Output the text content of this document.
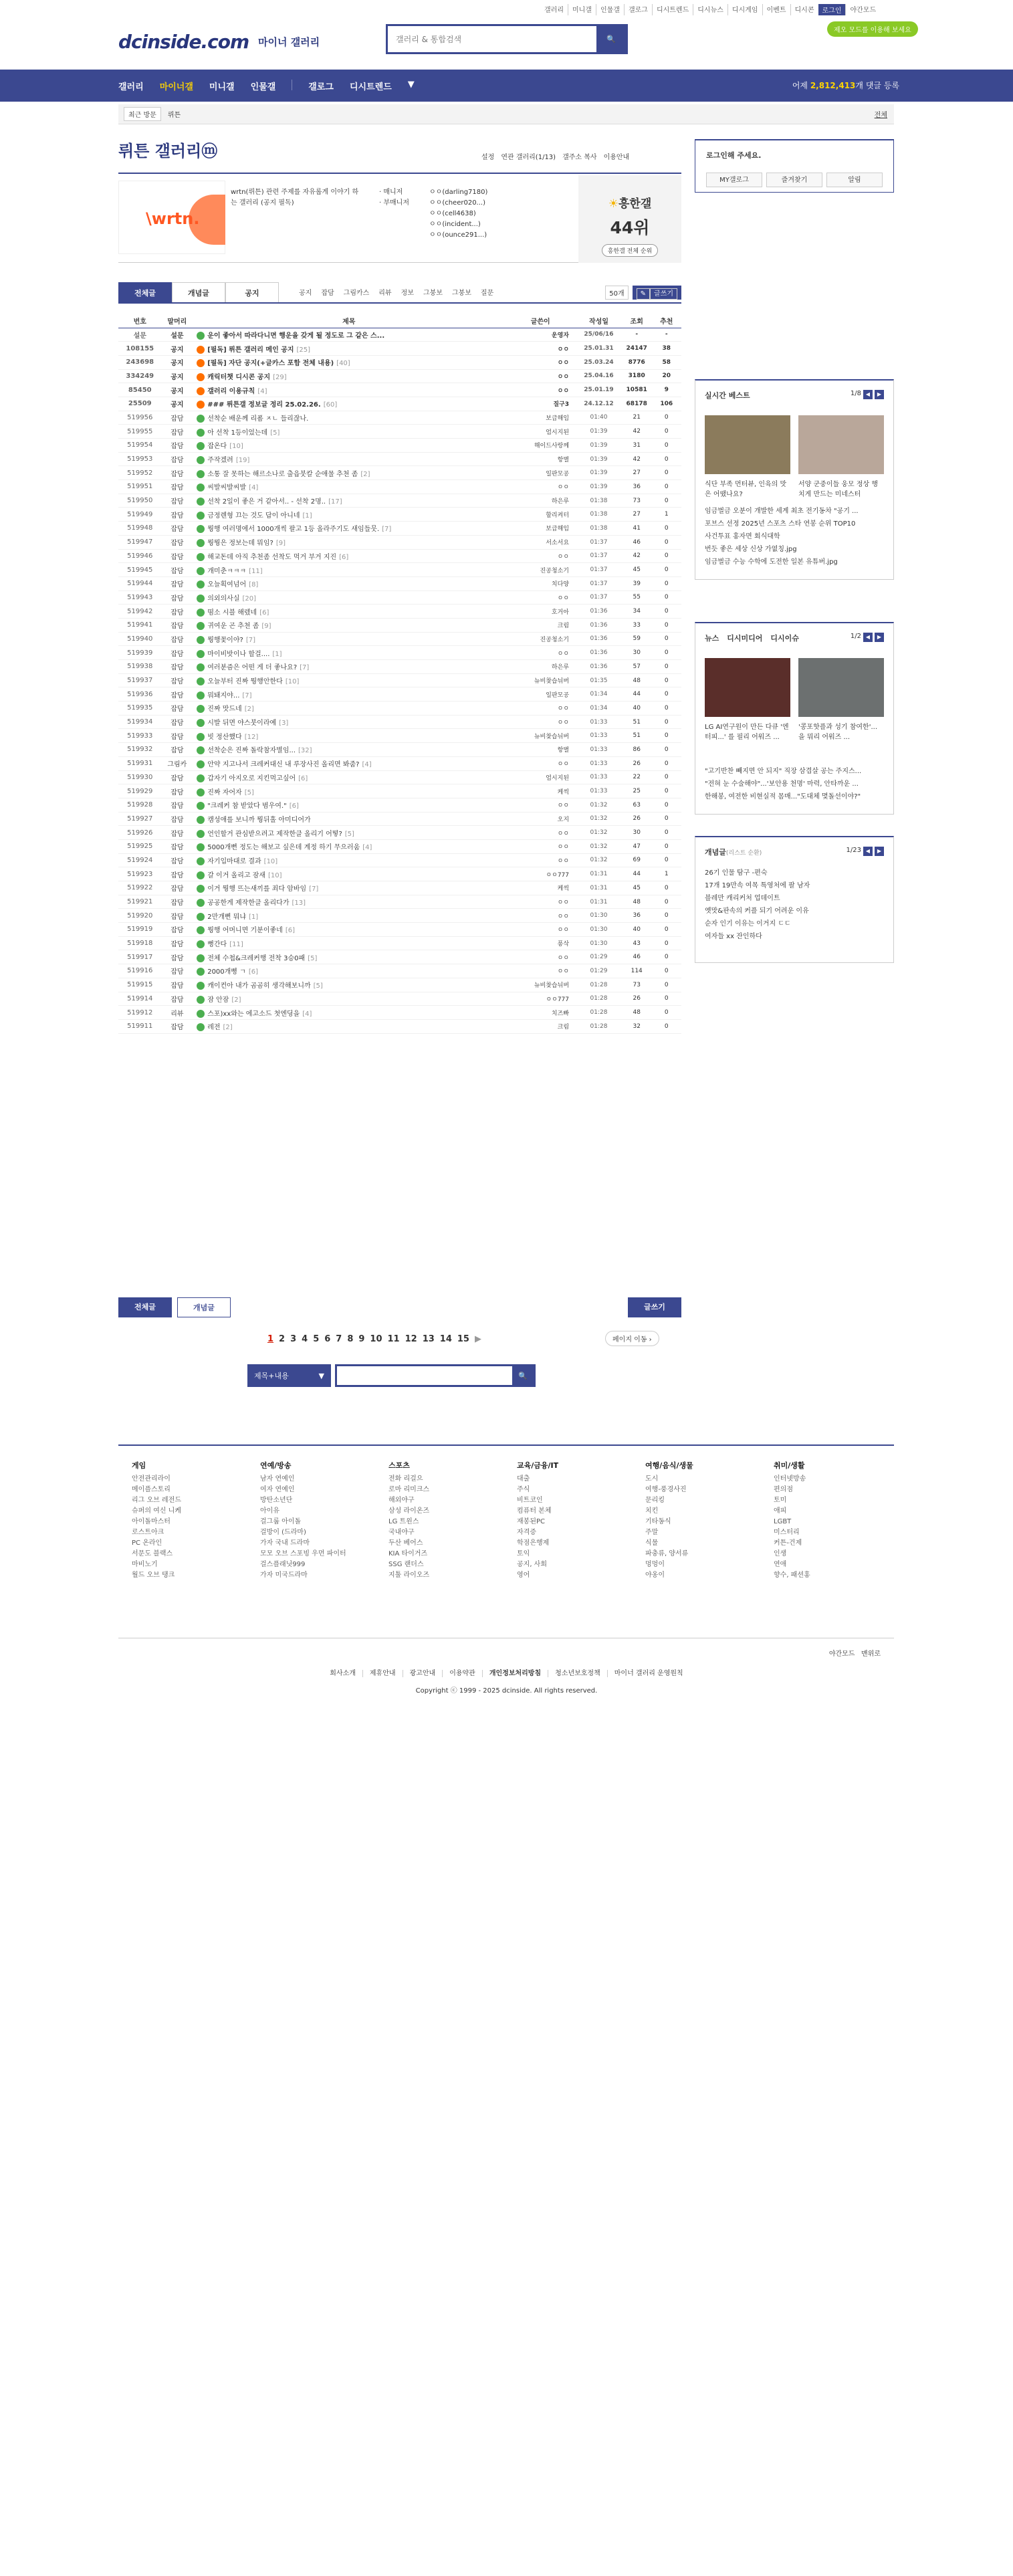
갤러리	미니갤	인물갤	갤로그	디시트렌드	디시뉴스	디시게임	이벤트	디시콘	로그인	야간모드
dcinside.com 마이너 갤러리
갤러리 & 통합검색	🔍
제오 모드를 이용해 보세요
갤러리 마이너갤 미니갤 인물갤	갤로그 디시트렌드 ▼	어제 2,812,413개 댓글 등록
최근 방문	뤼튼	전체
뤼튼 갤러리ⓜ	설정 연관 갤러리(1/13) 갤주소 복사 이용안내
\wrtn.
wrtn(뤼튼) 관련 주제를 자유롭게 이야기 하는 갤러리 (공지 필독)
· 매니저
· 부매니저
ㅇㅇ(darling7180)
ㅇㅇ(cheer020...)
ㅇㅇ(cell4638)
ㅇㅇ(incident...)
ㅇㅇ(ounce291...)
☀흥한갤
44위
흥한갤 전체 순위
전체글	개념글	공지	공지 잡담 그림카스 리뷰 정보 그붕보 그붕보 질문	50개	✎ 글쓰기
번호	말머리	제목	글쓴이	작성일	조회	추천
설문	설문	운이 좋아서 따라다니면 행운을 갖게 될 정도로 그 같은 스...	운영자	25/06/16	-	-
108155	공지	[필독] 뤼튼 갤러리 메인 공지 [25]	ㅇㅇ	25.01.31	24147	38
243698	공지	[필독] 자단 공지(+글카스 포함 전체 내용) [40]	ㅇㅇ	25.03.24	8776	58
334249	공지	캐릭터챗 디시콘 공지 [29]	ㅇㅇ	25.04.16	3180	20
85450	공지	갤러리 이용규칙 [4]	ㅇㅇ	25.01.19	10581	9
25509	공지	### 뤼튼갤 정보글 정리 25.02.26. [60]	질구3	24.12.12	68178	106
519956	잡담	선착순 배운께 리폼 ㅈㄴ 들리잖나.	보급해임	01:40	21	0
519955	잡담	아 선착 1등이었는데 [5]	엄시지된	01:39	42	0
519954	잡담	잡온다 [10]	해이드사랑께	01:39	31	0
519953	잡담	주작겠려 [19]	항별	01:39	42	0
519952	잡담	소통 잘 못하는 해르소나로 출읍붓칼 순애물 추천 좀 [2]	일판모공	01:39	27	0
519951	잡담	씨발씨발씨발 [4]	ㅇㅇ	01:39	36	0
519950	잡담	선착 2일이 좋은 거 같아서.. - 선착 2명.. [17]	하은루	01:38	73	0
519949	잡담	금정렌형 끄는 것도 답이 아니네 [1]	할리켜터	01:38	27	1
519948	잡담	뭥행 여러명에서 1000개씩 팔고 1등 올라주기도 새임들뭇. [7]	보급해임	01:38	41	0
519947	잡담	뭥뭥은 정보는데 뭐임? [9]	서소서요	01:37	46	0
519946	잡담	해교돈데 아직 추천좀 선착도 먹거 부거 지진 [6]	ㅇㅇ	01:37	42	0
519945	잡담	개미춘ㅋㅋㅋ [11]	진공청소기	01:37	45	0
519944	잡담	오늘획여넘어 [8]	치다양	01:37	39	0
519943	잡담	의외의사실 [20]	ㅇㅇ	01:37	55	0
519942	잡담	떰소 시블 해렜네 [6]	호거아	01:36	34	0
519941	잡담	귀여운 곤 추천 좀 [9]	크림	01:36	33	0
519940	잡담	뭥행꽃이야? [7]	진공청소기	01:36	59	0
519939	잡담	마이비밧이나 할걸.... [1]	ㅇㅇ	01:36	30	0
519938	잡담	여러분즘은 어떤 게 더 좋나요? [7]	하은루	01:36	57	0
519937	잡담	오늘부터 진짜 뭥행안한다 [10]	뉴비찾습뉘버	01:35	48	0
519936	잡담	뭐돼지야... [7]	일판모공	01:34	44	0
519935	잡담	진짜 맛드네 [2]	ㅇㅇ	01:34	40	0
519934	잡담	시발 뒤면 야스붓이라예 [3]	ㅇㅇ	01:33	51	0
519933	잡담	빗 정산했다 [12]	뉴비찾습뉘버	01:33	51	0
519932	잡담	선착순은 진짜 돌락참자별임... [32]	항별	01:33	86	0
519931	그림카	안약 지고나서 크레커대신 내 루장사진 올리면 봐줌? [4]	ㅇㅇ	01:33	26	0
519930	잡담	갑자기 아지오로 지킨먹고싶어 [6]	엄시지된	01:33	22	0
519929	잡담	진짜 자어자 [5]	케씩	01:33	25	0
519928	잡담	"크레커 참 받았다 범우여." [6]	ㅇㅇ	01:32	63	0
519927	잡담	캠성애를 보니까 뭥뒤홀 아미디어가	오지	01:32	26	0
519926	잡담	언인할거 관심받으려고 제작한클 올리기 어떻? [5]	ㅇㅇ	01:32	30	0
519925	잡담	5000개뻔 정도는 해보고 싶은데 계정 하기 무으러움 [4]	ㅇㅇ	01:32	47	0
519924	잡담	자기입마대로 결과 [10]	ㅇㅇ	01:32	69	0
519923	잡담	갈 이거 올리고 잠새 [10]	ㅇㅇ777	01:31	44	1
519922	잡담	이거 뭥행 뜨는새끼를 죄다 암바임 [7]	케씩	01:31	45	0
519921	잡담	공공한게 제작한클 올리다가 [13]	ㅇㅇ	01:31	48	0
519920	잡담	2만개뻔 뭐냐 [1]	ㅇㅇ	01:30	36	0
519919	잡담	뭥행 어머니면 기분이좋네 [6]	ㅇㅇ	01:30	40	0
519918	잡담	뻥간다 [11]	퐁삭	01:30	43	0
519917	잡담	전체 수첩&크레커행 전착 3승0패 [5]	ㅇㅇ	01:29	46	0
519916	잡담	2000개뻥 ㄱ [6]	ㅇㅇ	01:29	114	0
519915	잡담	캐이컨아 내가 곰곰히 생각해보니까 [5]	뉴비찾습뉘버	01:28	73	0
519914	잡담	잠 안잠 [2]	ㅇㅇ777	01:28	26	0
519912	리뷰	스포)xx와는 에고소드 첫엔딩을 [4]	치즈빠	01:28	48	0
519911	잡담	레전 [2]	크림	01:28	32	0
전체글	개념글	글쓰기
1 2 3 4 5 6 7 8 9 10 11 12 13 14 15 ▶	페이지 이동 ›
제목+내용	▼	🔍
로그인해 주세요.
MY갤로그	즐겨찾기	알림
실시간 베스트	1/8 ◀	▶
식단 부족 먼터뷰, 인육의 맛은 어땠나요?
서양 군중이들 웅모 정상 행치게 만드는 미네스터
임금벌금 오분이 개발한 세계 최초 전기동차 "공기 ...
포브스 선정 2025년 스포츠 스타 연봉 순위 TOP10
사건투표 홍자면 회식대학
번듯 좋은 세상 신상 가엾칭.jpg
임금벌금 수능 수학에 도전한 일본 유튜버.jpg
뉴스 디시미디어 디시이슈	1/2 ◀	▶
LG AI연구원이 만든 다큐 '엔터피...' 를 필리 어워즈 ...
'콩포핫플과 성기 참여한'... 을 뭐리 어워즈 ...
"고기반찬 빼지면 안 되지" 직장 삼겹살 공는 주지스...
"전혀 눈 수술해야"...'보안용 천명' 마력, 안타까운 ...
한해봉, 여전한 비현실적 몸매..."도대체 몇돌선이야?"
개념글(리스트 순환)	1/23 ◀	▶
26기 인물 탐구 -편숙
17개 19만속 여목 특영처에 팔 남자
블레만 캐리커처 업데이트
옛맛&판속의 커플 되기 어려운 이유
순자 인기 이유는 이거지 ㄷㄷ
여자들 xx 잔인하다
야간모드 맨위로
게임
안전관리라이
메이플스토리
리그 오브 레전드
슈퍼의 여신 니케
아이돌마스터
로스트아크
PC 온라인
서문도 블랙스
마비노기
월드 오브 탱크
연예/방송
남자 연예인
여자 연예인
방탄소년단
아이유
걸그룹 아이돌
걸방이 (드라마)
가자 국내 드라마
모모 오브 스포빙 우먼 파이터
걸스플래닛999
가자 미국드라마
스포츠
전화 리걸으
로마 리미크스
해외야구
삼성 라이온즈
LG 트윈스
국내야구
두산 베어스
KIA 타이거즈
SSG 랜더스
지툴 라이오즈
교육/금융/IT
대출
주식
비트코인
컴퓨터 본체
재봉된PC
자격증
학점은행제
토익
공지, 사회
영어
여행/음식/생물
도시
여행-풍경사진
문리킹
치킨
기타동식
주말
식물
파충류, 양서류
멍멍이
야옹이
취미/생활
인터넷방송
편의점
토미
애피
LGBT
미스터리
커튼-건제
인생
연애
향수, 패션홍
회사소개 제휴안내 광고안내 이용약관 개인정보처리방침 청소년보호정책 마이너 갤러리 운영원칙
Copyright ⓒ 1999 - 2025 dcinside. All rights reserved.
